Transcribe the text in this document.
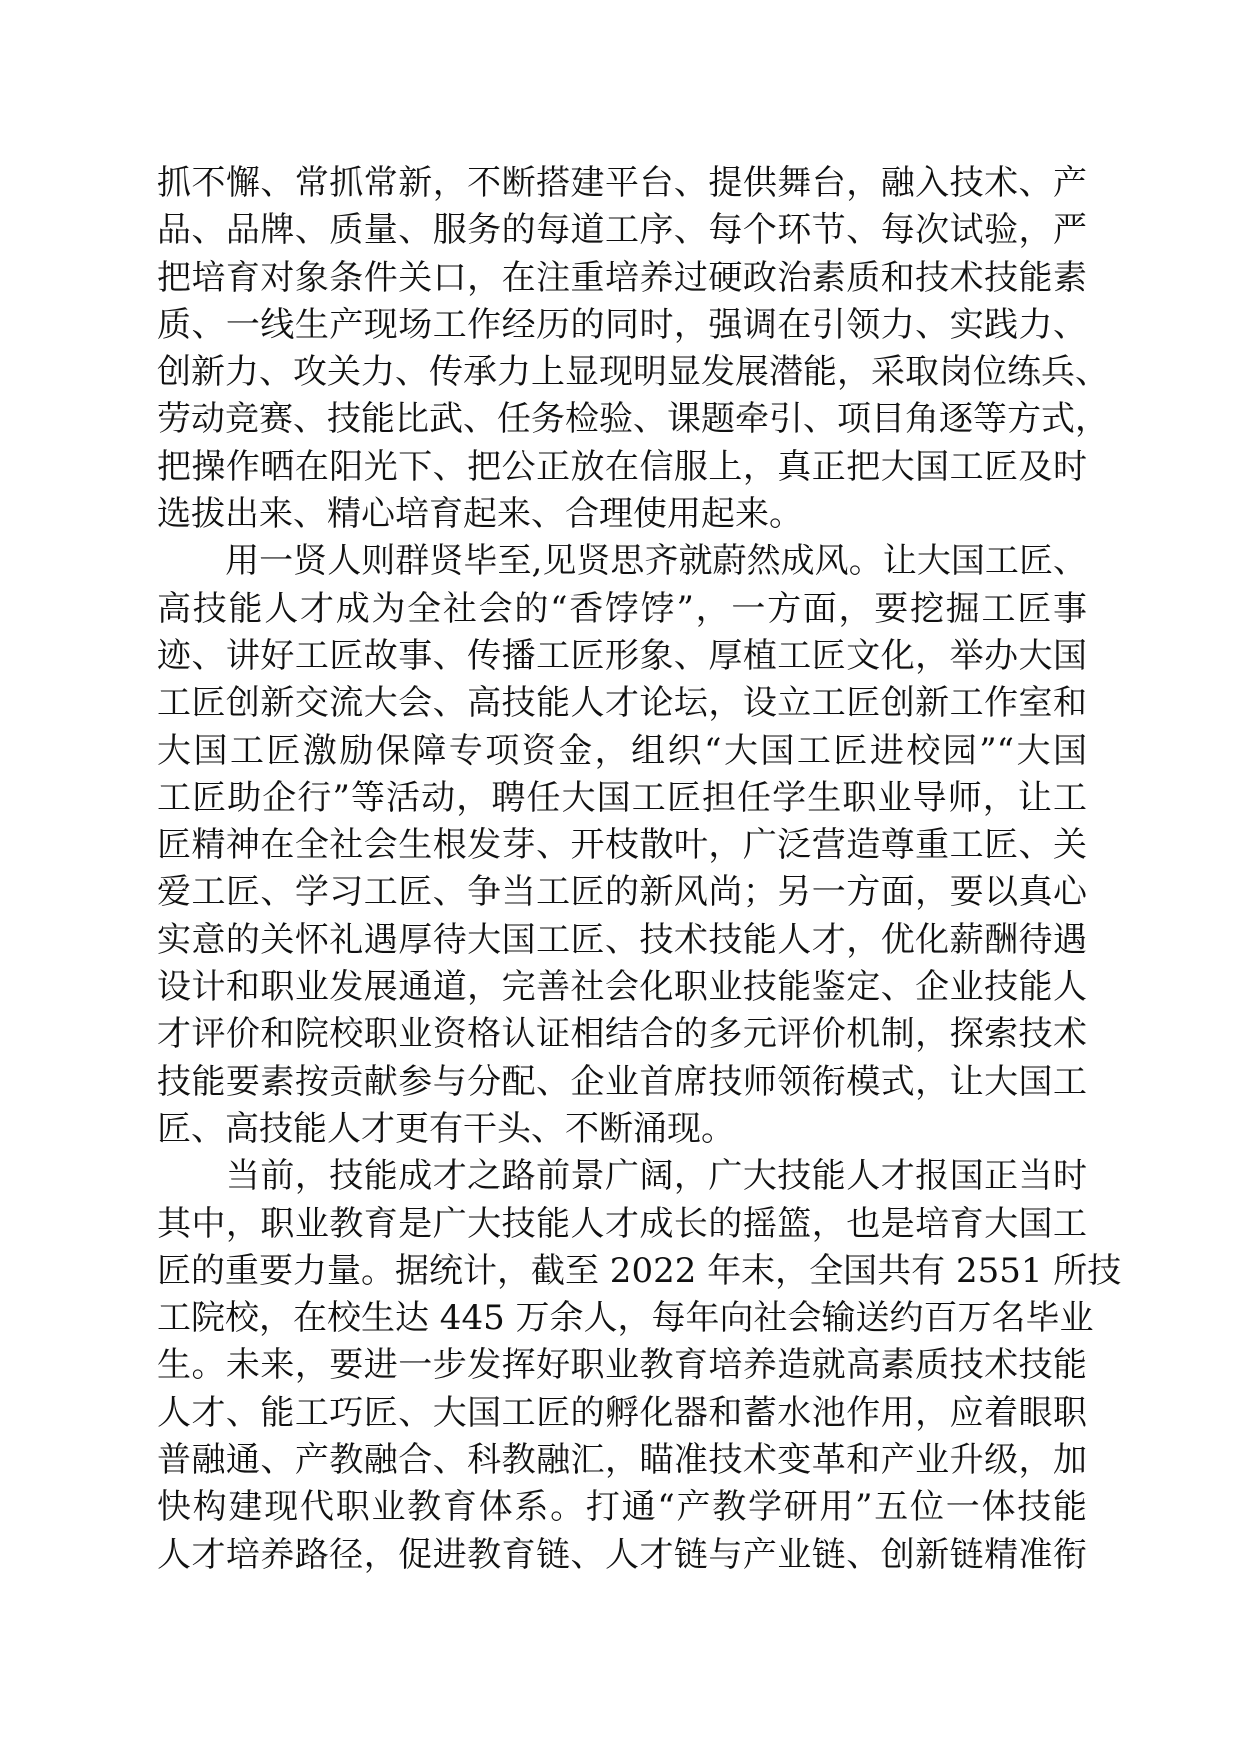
抓不懈、常抓常新，不断搭建平台、提供舞台，融入技术、产
品、品牌、质量、服务的每道工序、每个环节、每次试验，严
把培育对象条件关口，在注重培养过硬政治素质和技术技能素
质、一线生产现场工作经历的同时，强调在引领力、实践力、
创新力、攻关力、传承力上显现明显发展潜能，采取岗位练兵、
劳动竞赛、技能比武、任务检验、课题牵引、项目角逐等方式，
把操作晒在阳光下、把公正放在信服上，真正把大国工匠及时
选拔出来、精心培育起来、合理使用起来。
　　用一贤人则群贤毕至,见贤思齐就蔚然成风。让大国工匠、
高技能人才成为全社会的“香饽饽”，一方面，要挖掘工匠事
迹、讲好工匠故事、传播工匠形象、厚植工匠文化，举办大国
工匠创新交流大会、高技能人才论坛，设立工匠创新工作室和
大国工匠激励保障专项资金，组织“大国工匠进校园”“大国
工匠助企行”等活动，聘任大国工匠担任学生职业导师，让工
匠精神在全社会生根发芽、开枝散叶，广泛营造尊重工匠、关
爱工匠、学习工匠、争当工匠的新风尚；另一方面，要以真心
实意的关怀礼遇厚待大国工匠、技术技能人才，优化薪酬待遇
设计和职业发展通道，完善社会化职业技能鉴定、企业技能人
才评价和院校职业资格认证相结合的多元评价机制，探索技术
技能要素按贡献参与分配、企业首席技师领衔模式，让大国工
匠、高技能人才更有干头、不断涌现。
　　当前，技能成才之路前景广阔，广大技能人才报国正当时
其中，职业教育是广大技能人才成长的摇篮，也是培育大国工
匠的重要力量。据统计，截至 2022 年末，全国共有 2551 所技
工院校，在校生达 445 万余人，每年向社会输送约百万名毕业
生。未来，要进一步发挥好职业教育培养造就高素质技术技能
人才、能工巧匠、大国工匠的孵化器和蓄水池作用，应着眼职
普融通、产教融合、科教融汇，瞄准技术变革和产业升级，加
快构建现代职业教育体系。打通“产教学研用”五位一体技能
人才培养路径，促进教育链、人才链与产业链、创新链精准衔
